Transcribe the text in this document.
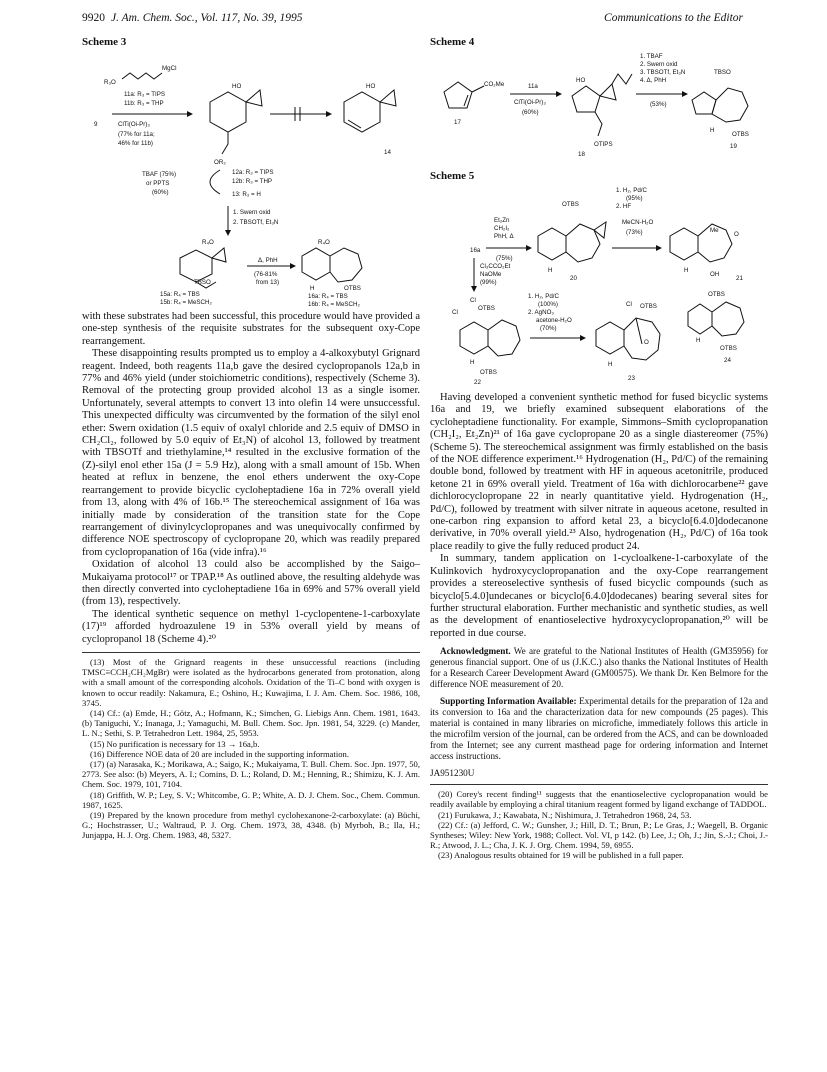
9920 J. Am. Chem. Soc., Vol. 117, No. 39, 1995	Communications to the Editor
Scheme 3
R₃O
MgCl
9
11a: R₃ = TIPS
11b: R₃ = THP
ClTi(Oi-Pr)₃
(77% for 11a;
46% for 11b)
HO
OR₃
HO
14
12a: R₃ = TIPS
12b: R₃ = THP
TBAF (75%)
or PPTS
(60%)	13: R₃ = H
1. Swern oxid
2. TBSOTf, Et₃N
R₄O
TBSO
Δ, PhH
(76-81%
from 13)
R₄O
H	OTBS
15a: R₄ = TBS
15b: R₄ = MeSCH₂
16a: R₄ = TBS
16b: R₄ = MeSCH₂

with these substrates had been successful, this procedure would have provided a one-step synthesis of the requisite substrates for the subsequent oxy-Cope rearrangement.

These disappointing results prompted us to employ a 4-alkoxybutyl Grignard reagent. Indeed, both reagents 11a,b gave the desired cyclopropanols 12a,b in 77% and 46% yield (under stoichiometric conditions), respectively (Scheme 3). Removal of the protecting group provided alcohol 13 as a single isomer. Unfortunately, several attempts to convert 13 into olefin 14 were unsuccessful. This unexpected difficulty was circumvented by the formation of the silyl enol ether: Swern oxidation (1.5 equiv of oxalyl chloride and 2.5 equiv of DMSO in CH₂Cl₂, followed by 5.0 equiv of Et₃N) of alcohol 13, followed by treatment with TBSOTf and triethylamine,¹⁴ resulted in the exclusive formation of the (Z)-silyl enol ether 15a (J = 5.9 Hz), along with a small amount of 15b. When heated at reflux in benzene, the enol ethers underwent the oxy-Cope rearrangement to provide bicyclic cycloheptadiene 16a in 72% overall yield from 13, along with 4% of 16b.¹⁵ The stereochemical assignment of 16a was initially made by consideration of the transition state for the Cope rearrangement of divinylcyclopropanes and was unequivocally confirmed by difference NOE spectroscopy of cyclopropane 20, which was readily prepared from cyclopropanation of 16a (vide infra).¹⁶

Oxidation of alcohol 13 could also be accomplished by the Saigo–Mukaiyama protocol¹⁷ or TPAP.¹⁸ As outlined above, the resulting aldehyde was then directly converted into cycloheptadiene 16a in 69% and 57% overall yield (from 13), respectively.

The identical synthetic sequence on methyl 1-cyclopentene-1-carboxylate (17)¹⁹ afforded hydroazulene 19 in 53% overall yield by means of cyclopropanol 18 (Scheme 4).²⁰

(13) Most of the Grignard reagents in these unsuccessful reactions (including TMSC≡CCH₂CH₂MgBr) were isolated as the hydrocarbons generated from protonation, along with a small amount of the corresponding alcohols. Oxidation of the Ti–C bond with oxygen is known to occur readily: Nakamura, E.; Oshino, H.; Kuwajima, I. J. Am. Chem. Soc. 1986, 108, 3745.

(14) Cf.: (a) Emde, H.; Götz, A.; Hofmann, K.; Simchen, G. Liebigs Ann. Chem. 1981, 1643. (b) Taniguchi, Y.; Inanaga, J.; Yamaguchi, M. Bull. Chem. Soc. Jpn. 1981, 54, 3229. (c) Mander, L. N.; Sethi, S. P. Tetrahedron Lett. 1984, 25, 5953.

(15) No purification is necessary for 13 → 16a,b.

(16) Difference NOE data of 20 are included in the supporting information.

(17) (a) Narasaka, K.; Morikawa, A.; Saigo, K.; Mukaiyama, T. Bull. Chem. Soc. Jpn. 1977, 50, 2773. See also: (b) Meyers, A. I.; Comins, D. L.; Roland, D. M.; Henning, R.; Shimizu, K. J. Am. Chem. Soc. 1979, 101, 7104.

(18) Griffith, W. P.; Ley, S. V.; Whitcombe, G. P.; White, A. D. J. Chem. Soc., Chem. Commun. 1987, 1625.

(19) Prepared by the known procedure from methyl cyclohexanone-2-carboxylate: (a) Büchi, G.; Hochstrasser, U.; Waltraud, P. J. Org. Chem. 1973, 38, 4348. (b) Myrboh, B.; Ila, H.; Junjappa, H. J. Org. Chem. 1983, 48, 5327.

Scheme 4
CO₂Me
17
11a
ClTi(Oi-Pr)₃
(60%)
HO
OTIPS
18
1. TBAF
2. Swern oxid
3. TBSOTf, Et₃N
4. Δ, PhH
(53%)
TBSO
H
OTBS
19
Scheme 5
16a
Et₂Zn
CH₂I₂
PhH, Δ
(75%)
OTBS
H
20
1. H₂, Pd/C
(95%)
2. HF
MeCN-H₂O
(73%)	Me
O
H
OH
21
Cl₃CCO₂Et
NaOMe
(99%)
Cl
Cl
OTBS
H
OTBS
22
1. H₂, Pd/C
(100%)
2. AgNO₃
acetone-H₂O
(70%)
Cl OTBS
O
H
23
OTBS
H
OTBS
24

Having developed a convenient synthetic method for fused bicyclic systems 16a and 19, we briefly examined subsequent elaborations of the cycloheptadiene functionality. For example, Simmons–Smith cyclopropanation (CH₂I₂, Et₂Zn)²¹ of 16a gave cyclopropane 20 as a single diastereomer (75%) (Scheme 5). The stereochemical assignment was firmly established on the basis of the NOE difference experiment.¹⁶ Hydrogenation (H₂, Pd/C) of the remaining double bond, followed by treatment with HF in aqueous acetonitrile, produced ketone 21 in 69% overall yield. Treatment of 16a with dichlorocarbene²² gave dichlorocyclopropane 22 in nearly quantitative yield. Hydrogenation (H₂, Pd/C), followed by treatment with silver nitrate in aqueous acetone, resulted in one-carbon ring expansion to afford ketal 23, a bicyclo[6.4.0]dodecanone derivative, in 70% overall yield.²³ Also, hydrogenation (H₂, Pd/C) of 16a took place readily to give the fully reduced product 24.

In summary, tandem application on 1-cycloalkene-1-carboxylate of the Kulinkovich hydroxycyclopropanation and the oxy-Cope rearrangement provides a stereoselective synthesis of fused bicyclic compounds (such as bicyclo[5.4.0]undecanes or bicyclo[6.4.0]dodecanes) bearing several sites for further structural elaboration. Further mechanistic and synthetic studies, as well as the development of enantioselective hydroxycyclopropanation,²⁰ will be reported in due course.

Acknowledgment. We are grateful to the National Institutes of Health (GM35956) for generous financial support. One of us (J.K.C.) also thanks the National Institutes of Health for a Research Career Development Award (GM00575). We thank Dr. Ken Belmore for the difference NOE measurement of 20.

Supporting Information Available: Experimental details for the preparation of 12a and its conversion to 16a and the characterization data for new compounds (25 pages). This material is contained in many libraries on microfiche, immediately follows this article in the microfilm version of the journal, can be ordered from the ACS, and can be downloaded from the Internet; see any current masthead page for ordering information and Internet access instructions.

JA951230U

(20) Corey's recent finding¹¹ suggests that the enantioselective cyclopropanation would be readily available by employing a chiral titanium reagent formed by ligand exchange of TADDOL.

(21) Furukawa, J.; Kawabata, N.; Nishimura, J. Tetrahedron 1968, 24, 53.

(22) Cf.: (a) Jefford, C. W.; Gunsher, J.; Hill, D. T.; Brun, P.; Le Gras, J.; Waegell, B. Organic Syntheses; Wiley: New York, 1988; Collect. Vol. VI, p 142. (b) Lee, J.; Oh, J.; Jin, S.-J.; Choi, J.-R.; Atwood, J. L.; Cha, J. K. J. Org. Chem. 1994, 59, 6955.

(23) Analogous results obtained for 19 will be published in a full paper.
